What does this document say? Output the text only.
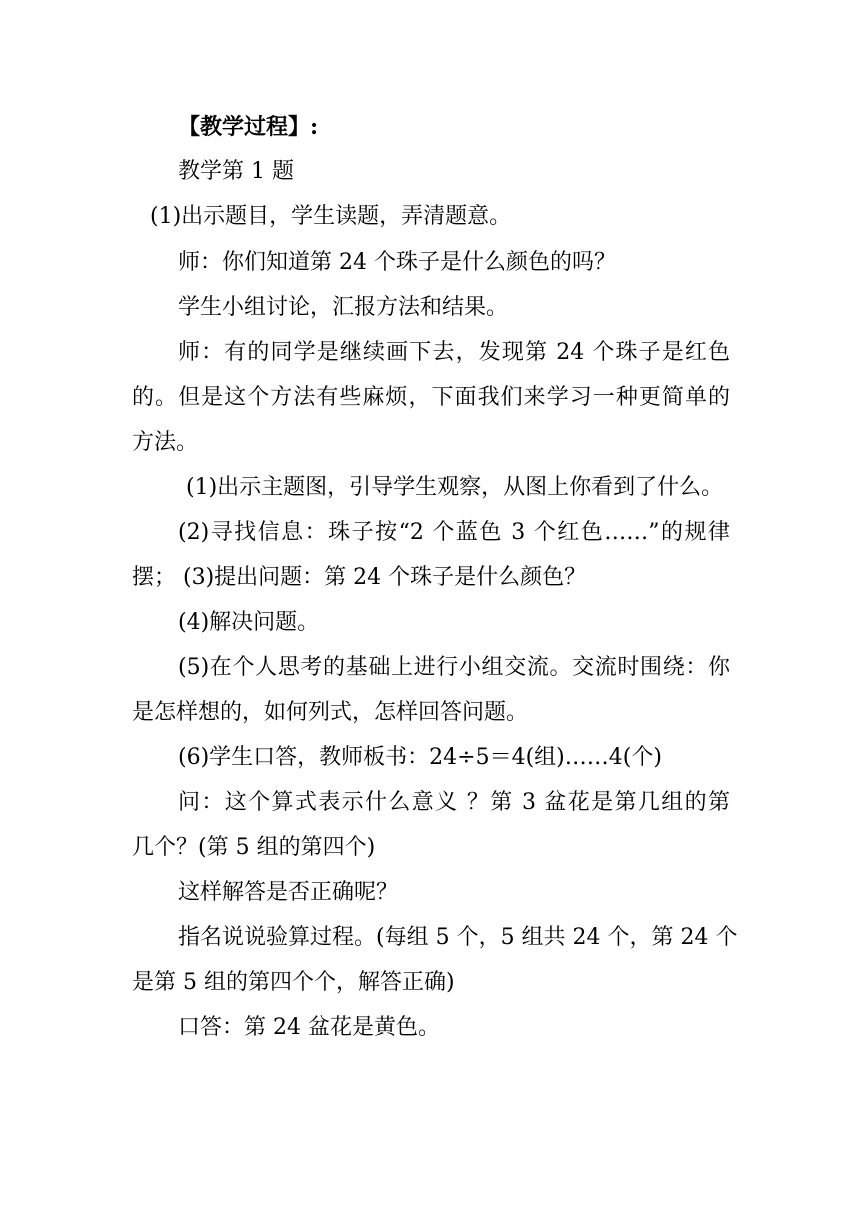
【教学过程】:
教学第 1 题
(1)出示题目，学生读题，弄清题意。
师：你们知道第 24 个珠子是什么颜色的吗？
学生小组讨论，汇报方法和结果。
师：有的同学是继续画下去，发现第 24 个珠子是红色
的。但是这个方法有些麻烦，下面我们来学习一种更简单的
方法。
(1)出示主题图，引导学生观察，从图上你看到了什么。
(2)寻找信息：珠子按“2 个蓝色 3 个红色……”的规律
摆； (3)提出问题：第 24 个珠子是什么颜色？
(4)解决问题。
(5)在个人思考的基础上进行小组交流。交流时围绕：你
是怎样想的，如何列式，怎样回答问题。
(6)学生口答，教师板书：24÷5＝4(组)……4(个)
问：这个算式表示什么意义 ？第 3 盆花是第几组的第
几个？(第 5 组的第四个)
这样解答是否正确呢？
指名说说验算过程。(每组 5 个，5 组共 24 个，第 24 个
是第 5 组的第四个个，解答正确)
口答：第 24 盆花是黄色。
